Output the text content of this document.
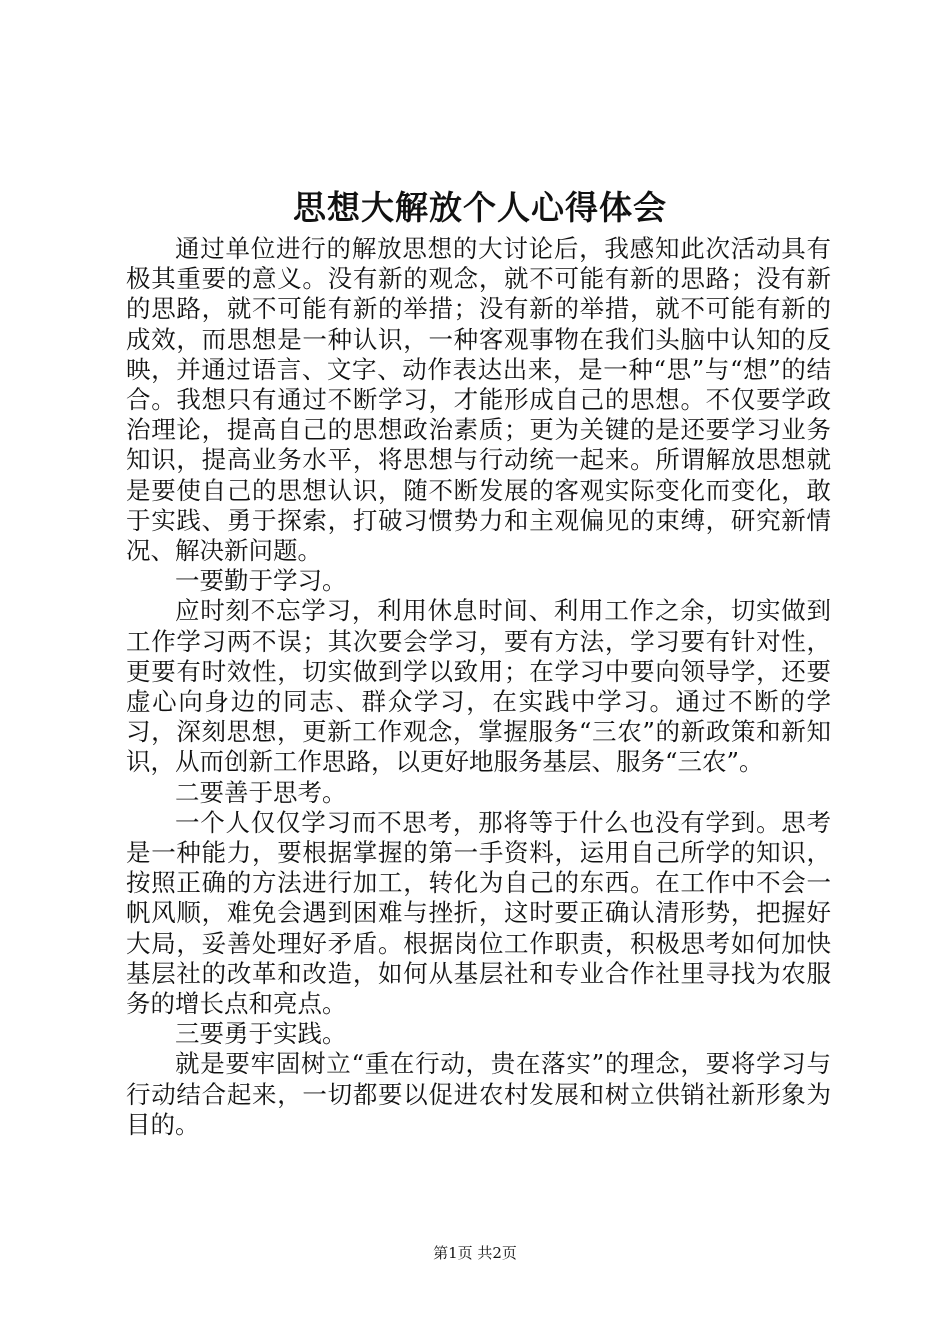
思想大解放个人心得体会

通过单位进行的解放思想的大讨论后，我感知此次活动具有极其重要的意义。没有新的观念，就不可能有新的思路；没有新的思路，就不可能有新的举措；没有新的举措，就不可能有新的成效，而思想是一种认识，一种客观事物在我们头脑中认知的反映，并通过语言、文字、动作表达出来，是一种“思”与“想”的结合。我想只有通过不断学习，才能形成自己的思想。不仅要学政治理论，提高自己的思想政治素质；更为关键的是还要学习业务知识，提高业务水平，将思想与行动统一起来。所谓解放思想就是要使自己的思想认识，随不断发展的客观实际变化而变化，敢于实践、勇于探索，打破习惯势力和主观偏见的束缚，研究新情况、解决新问题。

一要勤于学习。

应时刻不忘学习，利用休息时间、利用工作之余，切实做到工作学习两不误；其次要会学习，要有方法，学习要有针对性，更要有时效性，切实做到学以致用；在学习中要向领导学，还要虚心向身边的同志、群众学习，在实践中学习。通过不断的学习，深刻思想，更新工作观念，掌握服务“三农”的新政策和新知识，从而创新工作思路，以更好地服务基层、服务“三农”。

二要善于思考。

一个人仅仅学习而不思考，那将等于什么也没有学到。思考是一种能力，要根据掌握的第一手资料，运用自己所学的知识，按照正确的方法进行加工，转化为自己的东西。在工作中不会一帆风顺，难免会遇到困难与挫折，这时要正确认清形势，把握好大局，妥善处理好矛盾。根据岗位工作职责，积极思考如何加快基层社的改革和改造，如何从基层社和专业合作社里寻找为农服务的增长点和亮点。

三要勇于实践。

就是要牢固树立“重在行动，贵在落实”的理念，要将学习与行动结合起来，一切都要以促进农村发展和树立供销社新形象为目的。

第1页 共2页
